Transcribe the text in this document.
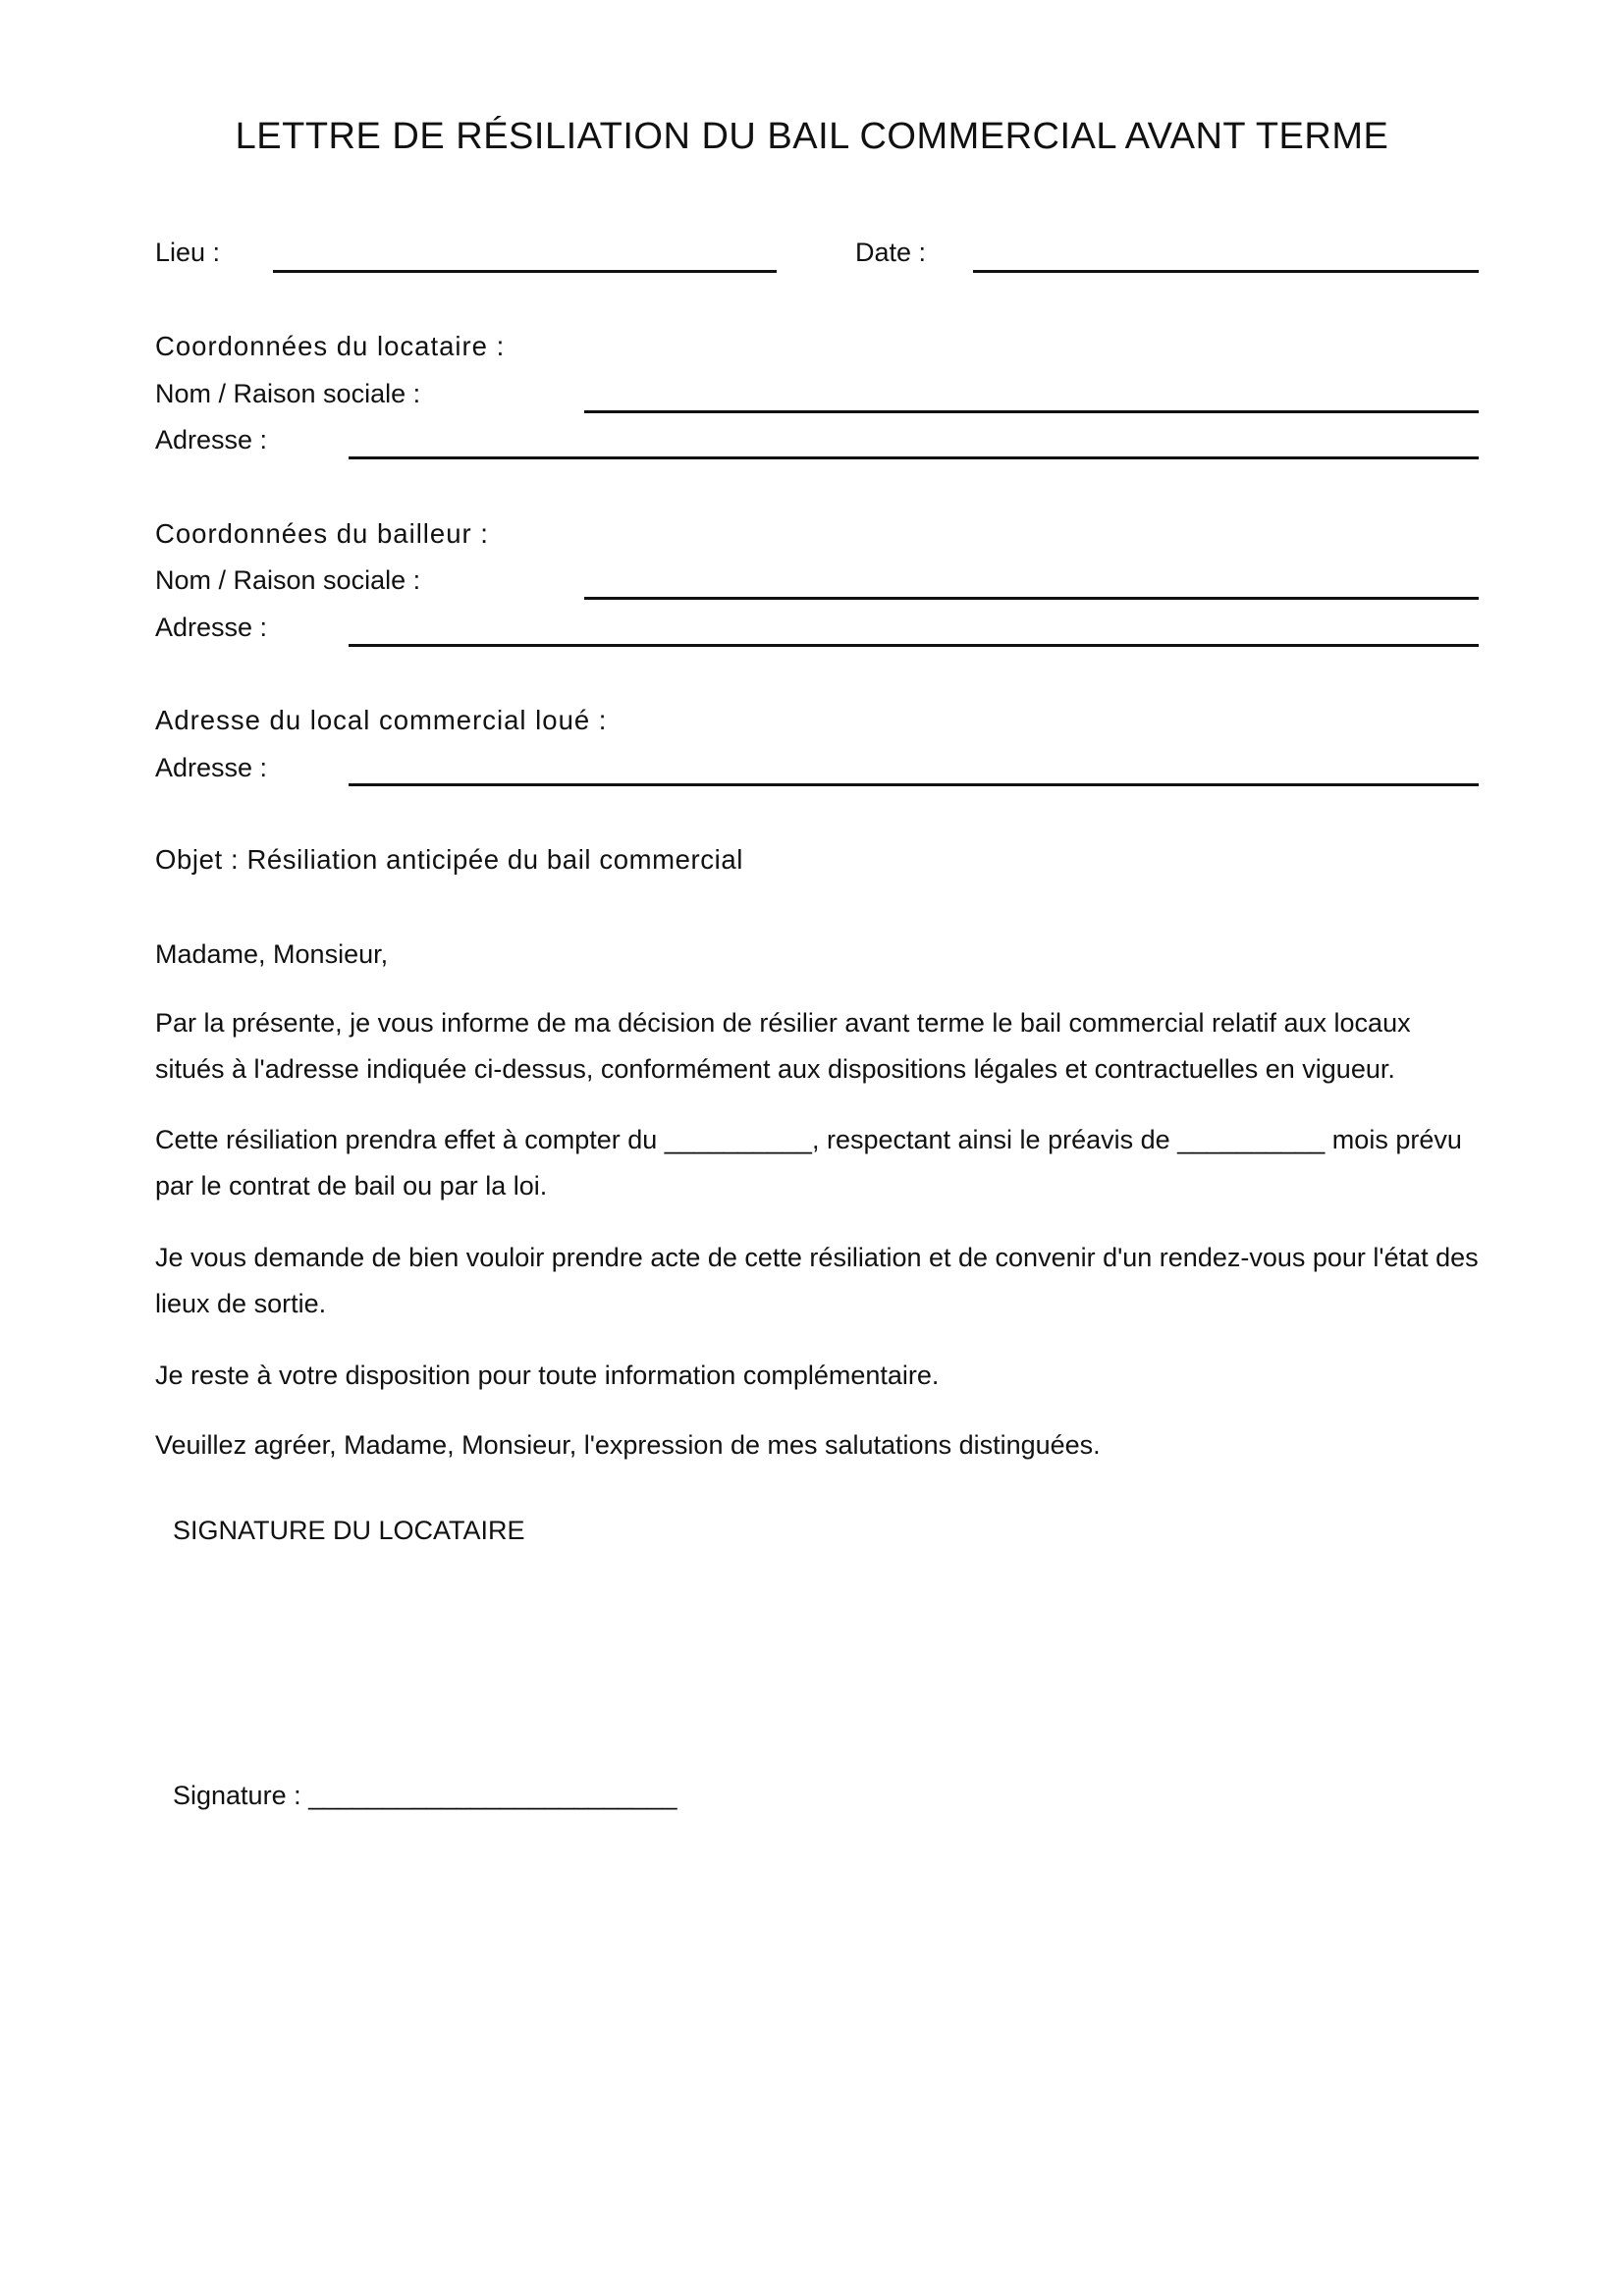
LETTRE DE RÉSILIATION DU BAIL COMMERCIAL AVANT TERME
Lieu :	Date :
Coordonnées du locataire :
Nom / Raison sociale :
Adresse :
Coordonnées du bailleur :
Nom / Raison sociale :
Adresse :
Adresse du local commercial loué :
Adresse :
Objet : Résiliation anticipée du bail commercial
Madame, Monsieur,

Par la présente, je vous informe de ma décision de résilier avant terme le bail commercial relatif aux locaux situés à l'adresse indiquée ci-dessus, conformément aux dispositions légales et contractuelles en vigueur.

Cette résiliation prendra effet à compter du __________, respectant ainsi le préavis de __________ mois prévu par le contrat de bail ou par la loi.

Je vous demande de bien vouloir prendre acte de cette résiliation et de convenir d'un rendez-vous pour l'état des lieux de sortie.

Je reste à votre disposition pour toute information complémentaire.

Veuillez agréer, Madame, Monsieur, l'expression de mes salutations distinguées.

SIGNATURE DU LOCATAIRE
Signature : _________________________
